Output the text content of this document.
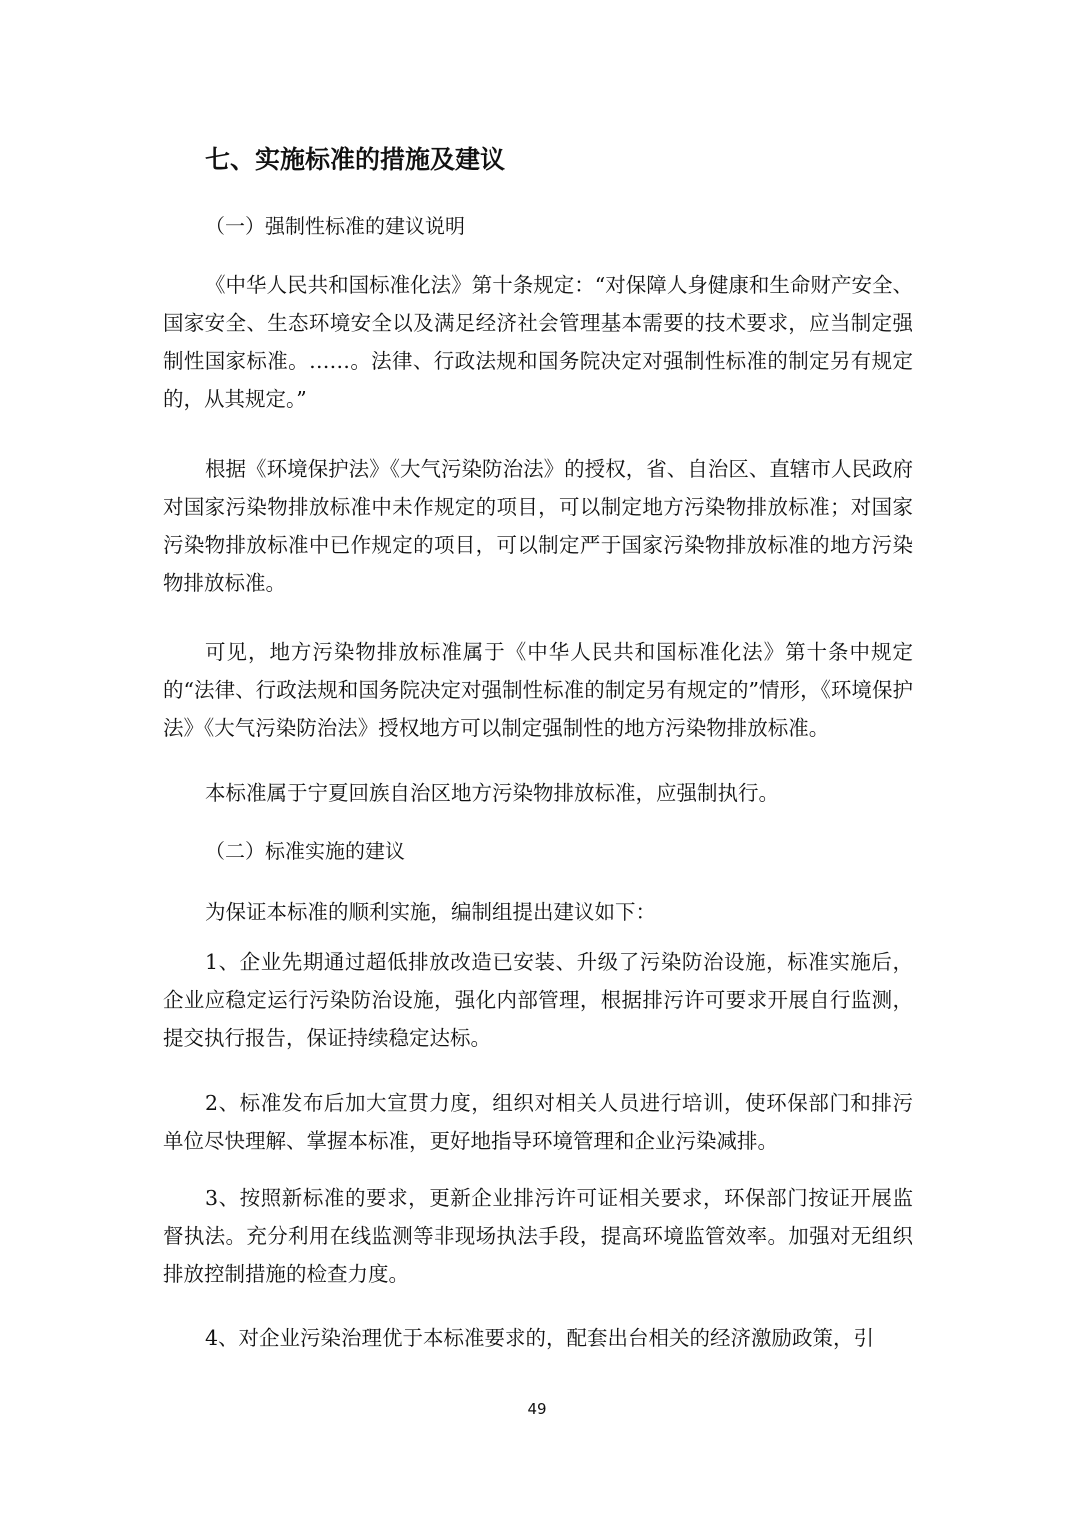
七、实施标准的措施及建议
（一）强制性标准的建议说明

《中华人民共和国标准化法》第十条规定：“对保障人身健康和生命财产安全、国家安全、生态环境安全以及满足经济社会管理基本需要的技术要求，应当制定强制性国家标准。……。法律、行政法规和国务院决定对强制性标准的制定另有规定的，从其规定。”

根据《环境保护法》《大气污染防治法》的授权，省、自治区、直辖市人民政府对国家污染物排放标准中未作规定的项目，可以制定地方污染物排放标准；对国家污染物排放标准中已作规定的项目，可以制定严于国家污染物排放标准的地方污染物排放标准。

可见，地方污染物排放标准属于《中华人民共和国标准化法》第十条中规定的“法律、行政法规和国务院决定对强制性标准的制定另有规定的”情形，《环境保护法》《大气污染防治法》授权地方可以制定强制性的地方污染物排放标准。

本标准属于宁夏回族自治区地方污染物排放标准，应强制执行。

（二）标准实施的建议

为保证本标准的顺利实施，编制组提出建议如下：

1、企业先期通过超低排放改造已安装、升级了污染防治设施，标准实施后，企业应稳定运行污染防治设施，强化内部管理，根据排污许可要求开展自行监测，提交执行报告，保证持续稳定达标。

2、标准发布后加大宣贯力度，组织对相关人员进行培训，使环保部门和排污单位尽快理解、掌握本标准，更好地指导环境管理和企业污染减排。

3、按照新标准的要求，更新企业排污许可证相关要求，环保部门按证开展监督执法。充分利用在线监测等非现场执法手段，提高环境监管效率。加强对无组织排放控制措施的检查力度。

4、对企业污染治理优于本标准要求的，配套出台相关的经济激励政策，引

49
